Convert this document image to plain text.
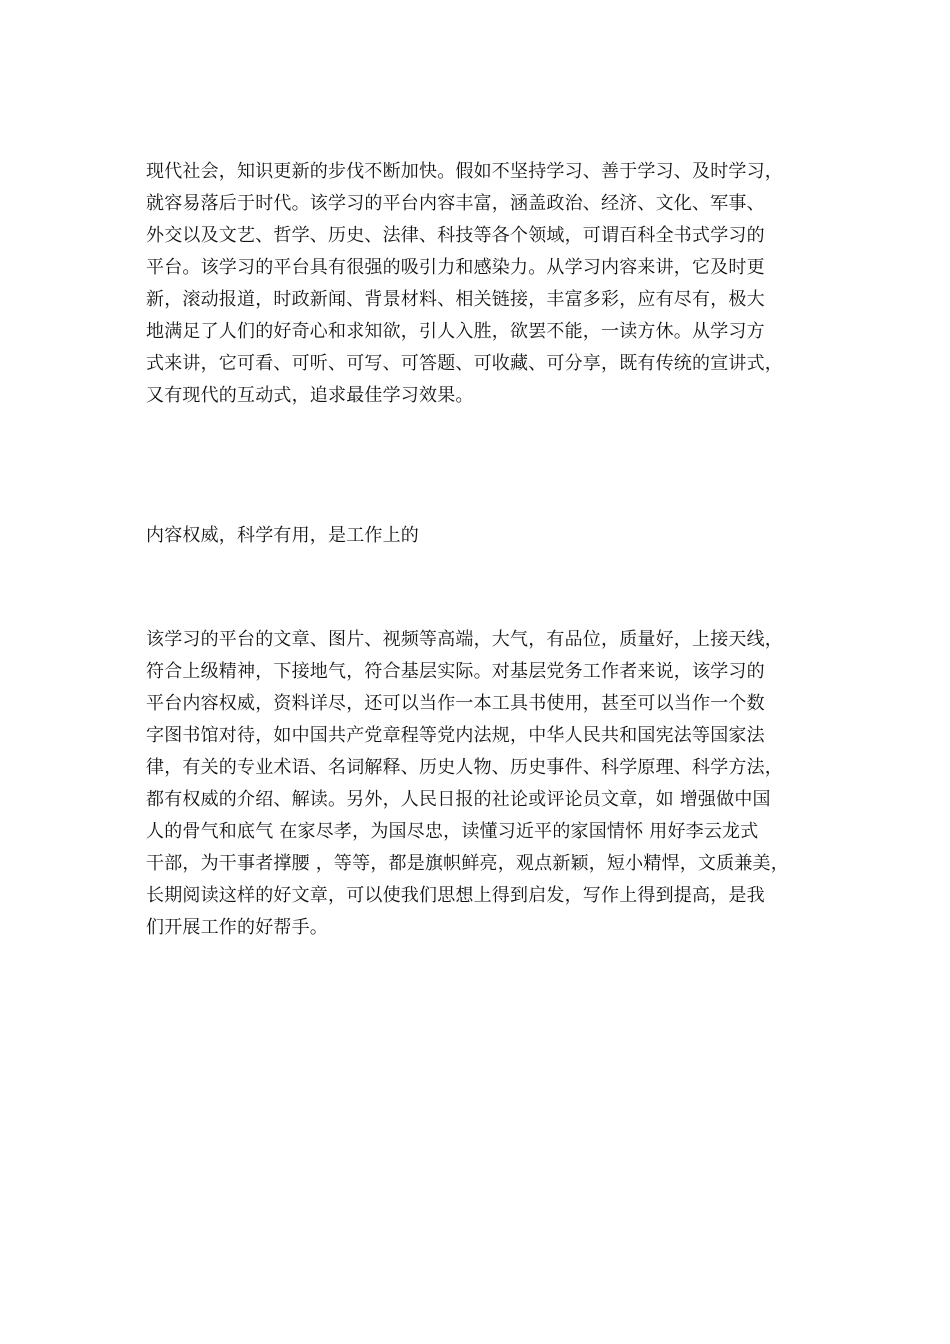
现代社会，知识更新的步伐不断加快。假如不坚持学习、善于学习、及时学习，
就容易落后于时代。该学习的平台内容丰富，涵盖政治、经济、文化、军事、
外交以及文艺、哲学、历史、法律、科技等各个领域，可谓百科全书式学习的
平台。该学习的平台具有很强的吸引力和感染力。从学习内容来讲，它及时更
新，滚动报道，时政新闻、背景材料、相关链接，丰富多彩，应有尽有，极大
地满足了人们的好奇心和求知欲，引人入胜，欲罢不能，一读方休。从学习方
式来讲，它可看、可听、可写、可答题、可收藏、可分享，既有传统的宣讲式，
又有现代的互动式，追求最佳学习效果。
内容权威，科学有用，是工作上的
该学习的平台的文章、图片、视频等高端，大气，有品位，质量好，上接天线，
符合上级精神，下接地气，符合基层实际。对基层党务工作者来说，该学习的
平台内容权威，资料详尽，还可以当作一本工具书使用，甚至可以当作一个数
字图书馆对待，如中国共产党章程等党内法规，中华人民共和国宪法等国家法
律，有关的专业术语、名词解释、历史人物、历史事件、科学原理、科学方法，
都有权威的介绍、解读。另外，人民日报的社论或评论员文章，如 增强做中国
人的骨气和底气 在家尽孝，为国尽忠，读懂习近平的家国情怀 用好李云龙式
干部，为干事者撑腰 ，等等，都是旗帜鲜亮，观点新颖，短小精悍，文质兼美，
长期阅读这样的好文章，可以使我们思想上得到启发，写作上得到提高，是我
们开展工作的好帮手。
